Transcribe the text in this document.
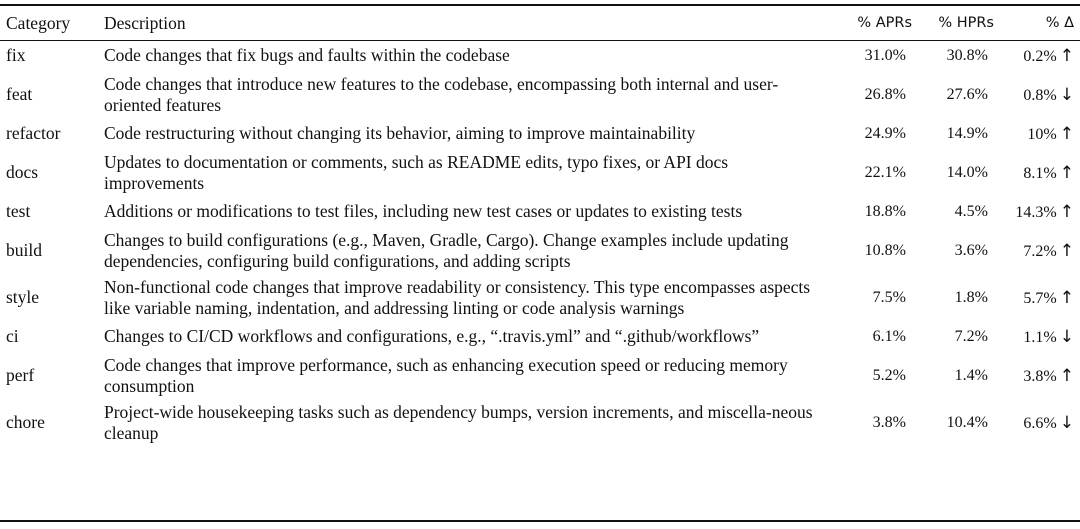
Category	Description	% APRs	% HPRs	% Δ
fix	Code changes that fix bugs and faults within the codebase	31.0%	30.8%	0.2% ↑
feat	Code changes that introduce new features to the codebase, encompassing both internal and user-oriented features	26.8%	27.6%	0.8% ↓
refactor	Code restructuring without changing its behavior, aiming to improve maintainability	24.9%	14.9%	10% ↑
docs	Updates to documentation or comments, such as README edits, typo fixes, or API docs improvements	22.1%	14.0%	8.1% ↑
test	Additions or modifications to test files, including new test cases or updates to existing tests	18.8%	4.5%	14.3% ↑
build	Changes to build configurations (e.g., Maven, Gradle, Cargo). Change examples include updating dependencies, configuring build configurations, and adding scripts	10.8%	3.6%	7.2% ↑
style	Non-functional code changes that improve readability or consistency. This type encompasses aspects like variable naming, indentation, and addressing linting or code analysis warnings	7.5%	1.8%	5.7% ↑
ci	Changes to CI/CD workflows and configurations, e.g., “.travis.yml” and “.github/workflows”	6.1%	7.2%	1.1% ↓
perf	Code changes that improve performance, such as enhancing execution speed or reducing memory consumption	5.2%	1.4%	3.8% ↑
chore	Project-wide housekeeping tasks such as dependency bumps, version increments, and miscella-neous cleanup	3.8%	10.4%	6.6% ↓
